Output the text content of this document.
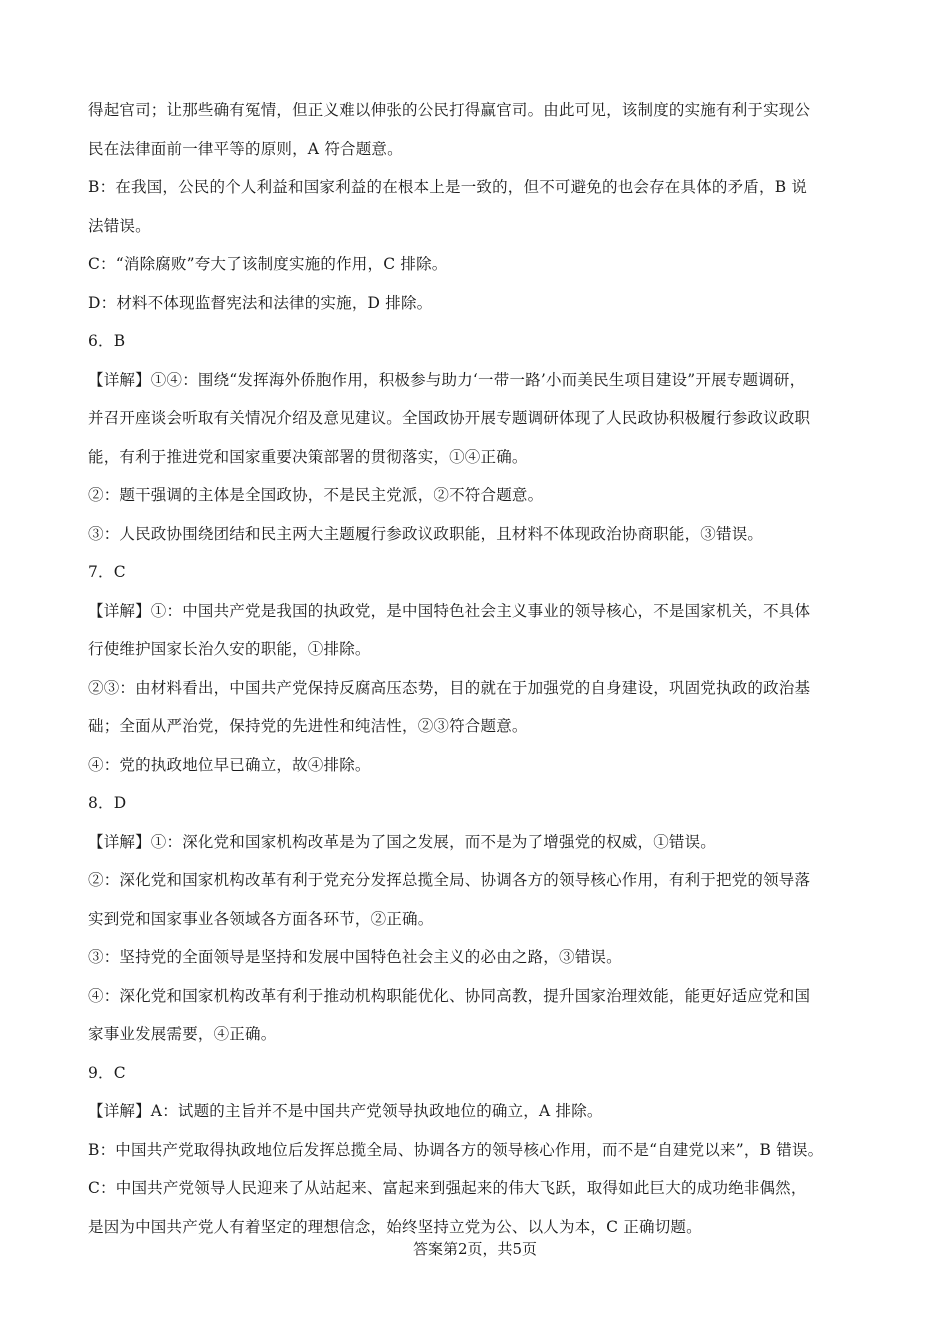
得起官司；让那些确有冤情，但正义难以伸张的公民打得赢官司。由此可见，该制度的实施有利于实现公
民在法律面前一律平等的原则，A 符合题意。
B：在我国，公民的个人利益和国家利益的在根本上是一致的，但不可避免的也会存在具体的矛盾，B 说
法错误。
C：“消除腐败”夸大了该制度实施的作用，C 排除。
D：材料不体现监督宪法和法律的实施，D 排除。
6．B
【详解】①④：围绕“发挥海外侨胞作用，积极参与助力‘一带一路’小而美民生项目建设”开展专题调研，
并召开座谈会听取有关情况介绍及意见建议。全国政协开展专题调研体现了人民政协积极履行参政议政职
能，有利于推进党和国家重要决策部署的贯彻落实，①④正确。
②：题干强调的主体是全国政协，不是民主党派，②不符合题意。
③：人民政协围绕团结和民主两大主题履行参政议政职能，且材料不体现政治协商职能，③错误。
7．C
【详解】①：中国共产党是我国的执政党，是中国特色社会主义事业的领导核心，不是国家机关，不具体
行使维护国家长治久安的职能，①排除。
②③：由材料看出，中国共产党保持反腐高压态势，目的就在于加强党的自身建设，巩固党执政的政治基
础；全面从严治党，保持党的先进性和纯洁性，②③符合题意。
④：党的执政地位早已确立，故④排除。
8．D
【详解】①：深化党和国家机构改革是为了国之发展，而不是为了增强党的权威，①错误。
②：深化党和国家机构改革有利于党充分发挥总揽全局、协调各方的领导核心作用，有利于把党的领导落
实到党和国家事业各领域各方面各环节，②正确。
③：坚持党的全面领导是坚持和发展中国特色社会主义的必由之路，③错误。
④：深化党和国家机构改革有利于推动机构职能优化、协同高教，提升国家治理效能，能更好适应党和国
家事业发展需要，④正确。
9．C
【详解】A：试题的主旨并不是中国共产党领导执政地位的确立，A 排除。
B：中国共产党取得执政地位后发挥总揽全局、协调各方的领导核心作用，而不是“自建党以来”，B 错误。
C：中国共产党领导人民迎来了从站起来、富起来到强起来的伟大飞跃，取得如此巨大的成功绝非偶然，
是因为中国共产党人有着坚定的理想信念，始终坚持立党为公、以人为本，C 正确切题。
答案第2页，共5页
